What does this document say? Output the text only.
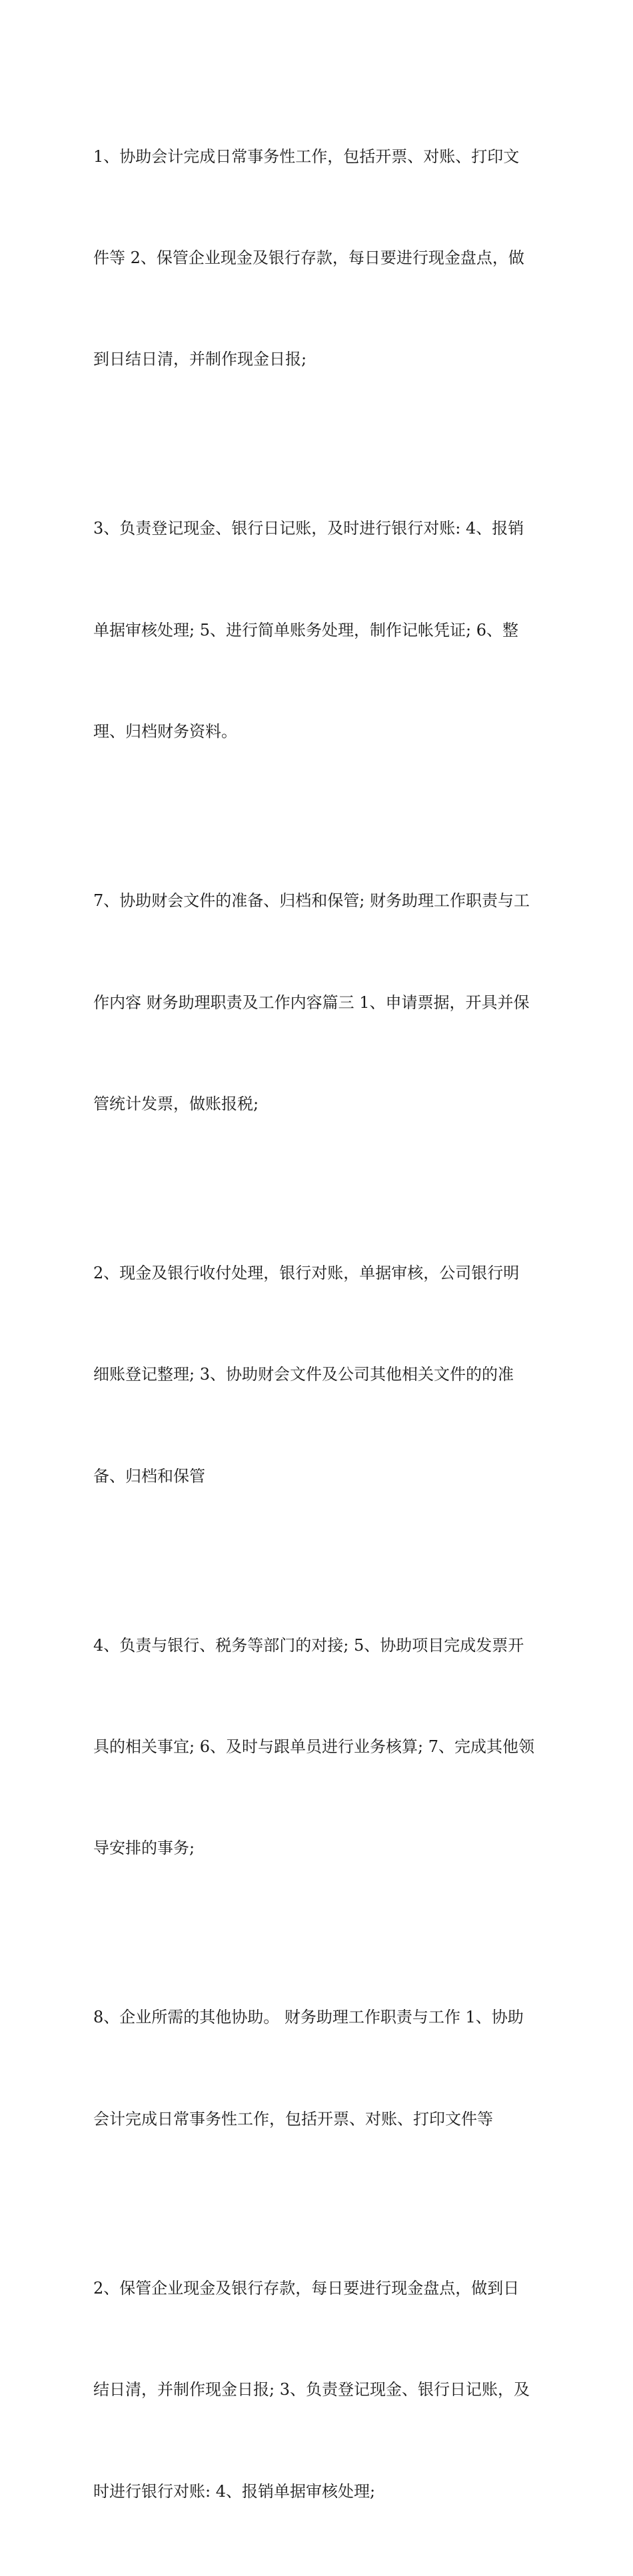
1、协助会计完成日常事务性工作，包括开票、对账、打印文

件等 2、保管企业现金及银行存款，每日要进行现金盘点，做

到日结日清，并制作现金日报;

3、负责登记现金、银行日记账，及时进行银行对账: 4、报销

单据审核处理; 5、进行简单账务处理，制作记帐凭证; 6、整

理、归档财务资料。

7、协助财会文件的准备、归档和保管; 财务助理工作职责与工

作内容 财务助理职责及工作内容篇三 1、申请票据，开具并保

管统计发票，做账报税;

2、现金及银行收付处理，银行对账，单据审核，公司银行明

细账登记整理; 3、协助财会文件及公司其他相关文件的的准

备、归档和保管

4、负责与银行、税务等部门的对接; 5、协助项目完成发票开

具的相关事宜; 6、及时与跟单员进行业务核算; 7、完成其他领

导安排的事务;

8、企业所需的其他协助。 财务助理工作职责与工作 1、协助

会计完成日常事务性工作，包括开票、对账、打印文件等

2、保管企业现金及银行存款，每日要进行现金盘点，做到日

结日清，并制作现金日报; 3、负责登记现金、银行日记账，及

时进行银行对账: 4、报销单据审核处理;
